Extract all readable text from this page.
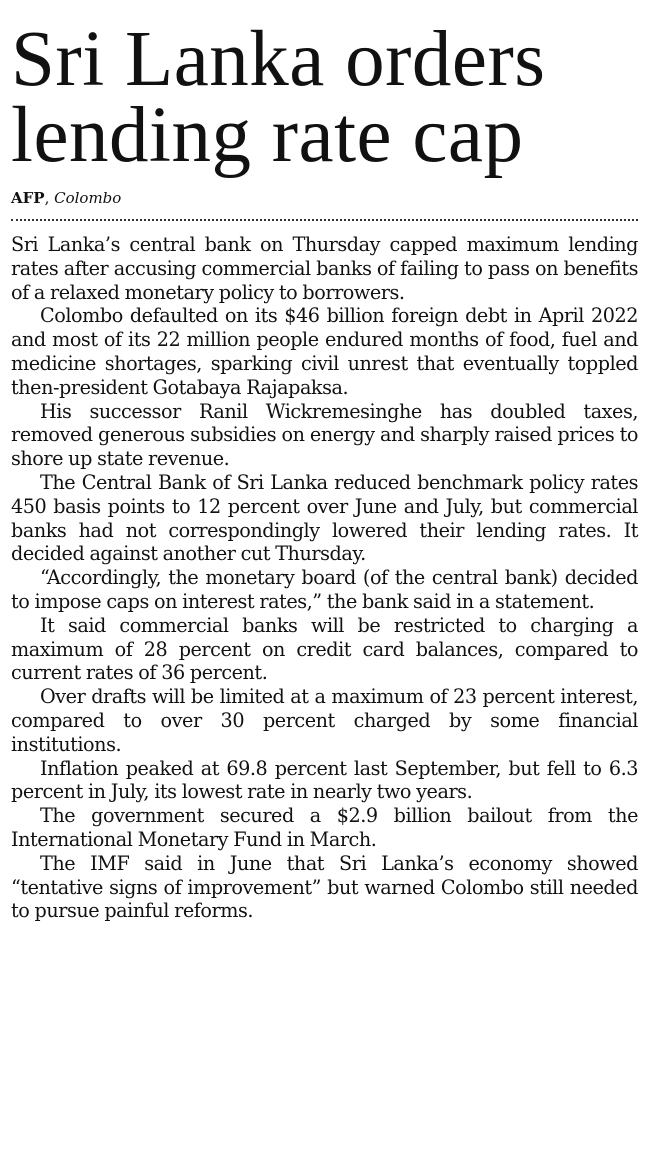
Sri Lanka orders lending rate cap
AFP, Colombo

Sri Lanka’s central bank on Thursday capped maximum lending rates after accusing commercial banks of failing to pass on benefits of a relaxed monetary policy to borrowers.

Colombo defaulted on its $46 billion foreign debt in April 2022 and most of its 22 million people endured months of food, fuel and medicine shortages, sparking civil unrest that eventually toppled then-president Gotabaya Rajapaksa.

His successor Ranil Wickremesinghe has doubled taxes, removed generous subsidies on energy and sharply raised prices to shore up state revenue.

The Central Bank of Sri Lanka reduced benchmark policy rates 450 basis points to 12 percent over June and July, but commercial banks had not correspondingly lowered their lending rates. It decided against another cut Thursday.

“Accordingly, the monetary board (of the central bank) decided to impose caps on interest rates,” the bank said in a statement.

It said commercial banks will be restricted to charging a maximum of 28 percent on credit card balances, compared to current rates of 36 percent.

Over drafts will be limited at a maximum of 23 percent interest, compared to over 30 percent charged by some financial institutions.

Inflation peaked at 69.8 percent last September, but fell to 6.3 percent in July, its lowest rate in nearly two years.

The government secured a $2.9 billion bailout from the International Monetary Fund in March.

The IMF said in June that Sri Lanka’s economy showed “tentative signs of improvement” but warned Colombo still needed to pursue painful reforms.
